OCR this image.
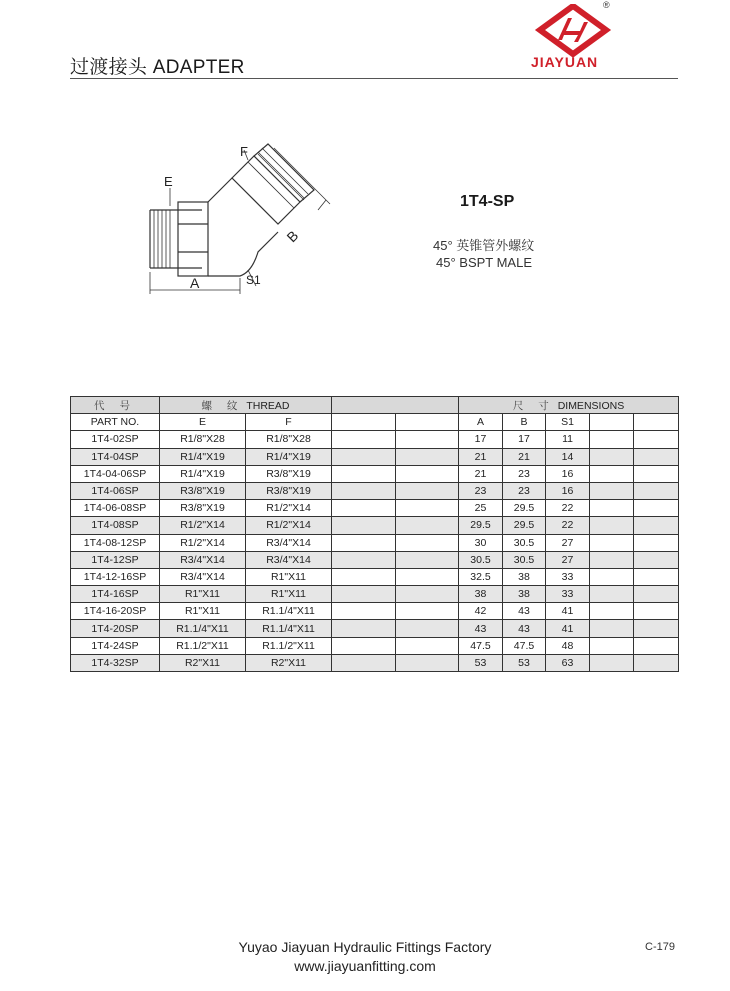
过渡接头 ADAPTER
®
JIAYUAN
A
B
E
F
S1
1T4-SP
45° 英锥管外螺纹
45° BSPT MALE
代 号	螺 纹 THREAD				尺 寸 DIMENSIONS				
PART NO.	E	F			A	B	S1		
1T4-02SP	R1/8"X28	R1/8"X28			17	17	11		
1T4-04SP	R1/4"X19	R1/4"X19			21	21	14		
1T4-04-06SP	R1/4"X19	R3/8"X19			21	23	16		
1T4-06SP	R3/8"X19	R3/8"X19			23	23	16		
1T4-06-08SP	R3/8"X19	R1/2"X14			25	29.5	22		
1T4-08SP	R1/2"X14	R1/2"X14			29.5	29.5	22		
1T4-08-12SP	R1/2"X14	R3/4"X14			30	30.5	27		
1T4-12SP	R3/4"X14	R3/4"X14			30.5	30.5	27		
1T4-12-16SP	R3/4"X14	R1"X11			32.5	38	33		
1T4-16SP	R1"X11	R1"X11			38	38	33		
1T4-16-20SP	R1"X11	R1.1/4"X11			42	43	41		
1T4-20SP	R1.1/4"X11	R1.1/4"X11			43	43	41		
1T4-24SP	R1.1/2"X11	R1.1/2"X11			47.5	47.5	48		
1T4-32SP	R2"X11	R2"X11			53	53	63		
Yuyao Jiayuan Hydraulic Fittings Factory
www.jiayuanfitting.com
C-179
